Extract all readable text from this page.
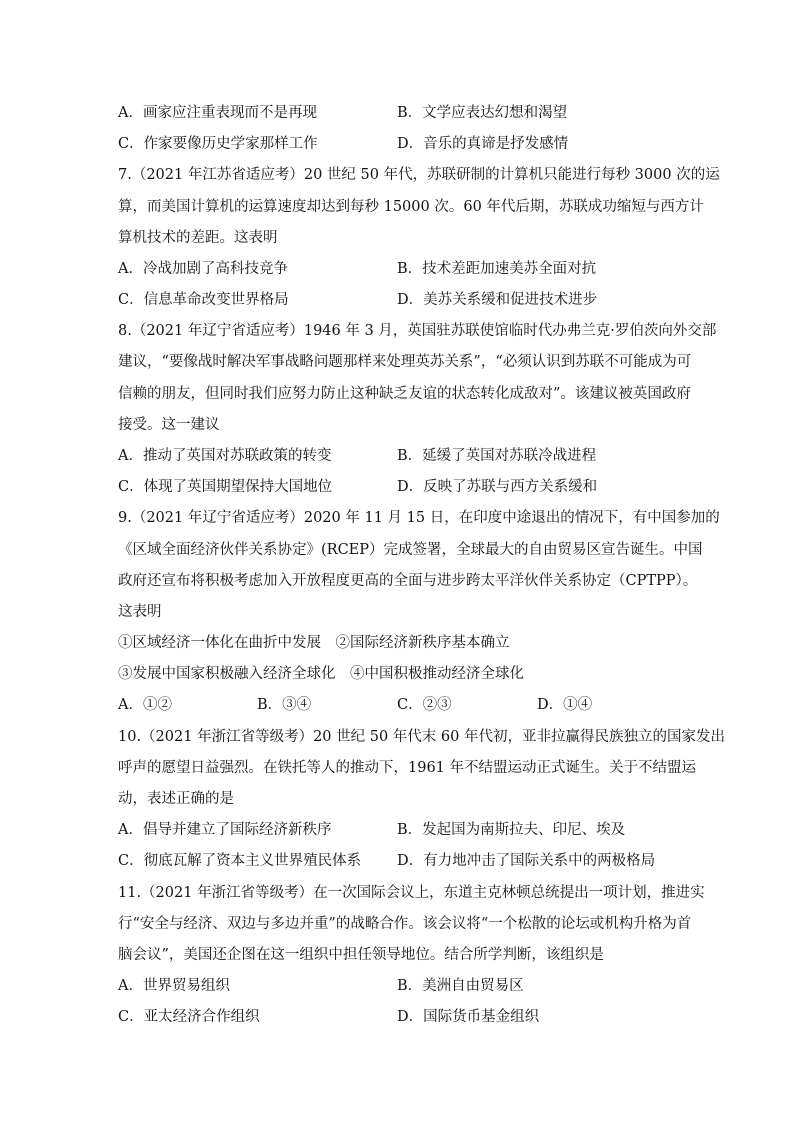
A．画家应注重表现而不是再现	B．文学应表达幻想和渴望
C．作家要像历史学家那样工作	D．音乐的真谛是抒发感情
7.（2021 年江苏省适应考）20 世纪 50 年代，苏联研制的计算机只能进行每秒 3000 次的运
算，而美国计算机的运算速度却达到每秒 15000 次。60 年代后期，苏联成功缩短与西方计
算机技术的差距。这表明
A．冷战加剧了高科技竞争	B．技术差距加速美苏全面对抗
C．信息革命改变世界格局	D．美苏关系缓和促进技术进步
8.（2021 年辽宁省适应考）1946 年 3 月，英国驻苏联使馆临时代办弗兰克·罗伯茨向外交部
建议，“要像战时解决军事战略问题那样来处理英苏关系”，“必须认识到苏联不可能成为可
信赖的朋友，但同时我们应努力防止这种缺乏友谊的状态转化成敌对”。该建议被英国政府
接受。这一建议
A．推动了英国对苏联政策的转变	B．延缓了英国对苏联冷战进程
C．体现了英国期望保持大国地位	D．反映了苏联与西方关系缓和
9.（2021 年辽宁省适应考）2020 年 11 月 15 日，在印度中途退出的情况下，有中国参加的
《区域全面经济伙伴关系协定》(RCEP）完成签署，全球最大的自由贸易区宣告诞生。中国
政府还宣布将积极考虑加入开放程度更高的全面与进步跨太平洋伙伴关系协定（CPTPP）。
这表明
①区域经济一体化在曲折中发展　②国际经济新秩序基本确立
③发展中国家积极融入经济全球化　④中国积极推动经济全球化
A．①②	B．③④	C．②③	D．①④
10.（2021 年浙江省等级考）20 世纪 50 年代末 60 年代初，亚非拉赢得民族独立的国家发出
呼声的愿望日益强烈。在铁托等人的推动下，1961 年不结盟运动正式诞生。关于不结盟运
动，表述正确的是
A．倡导并建立了国际经济新秩序	B．发起国为南斯拉夫、印尼、埃及
C．彻底瓦解了资本主义世界殖民体系 D．有力地冲击了国际关系中的两极格局
11.（2021 年浙江省等级考）在一次国际会议上，东道主克林顿总统提出一项计划，推进实
行“安全与经济、双边与多边并重”的战略合作。该会议将“一个松散的论坛或机构升格为首
脑会议”，美国还企图在这一组织中担任领导地位。结合所学判断，该组织是
A．世界贸易组织	B．美洲自由贸易区
C．亚太经济合作组织	D．国际货币基金组织
